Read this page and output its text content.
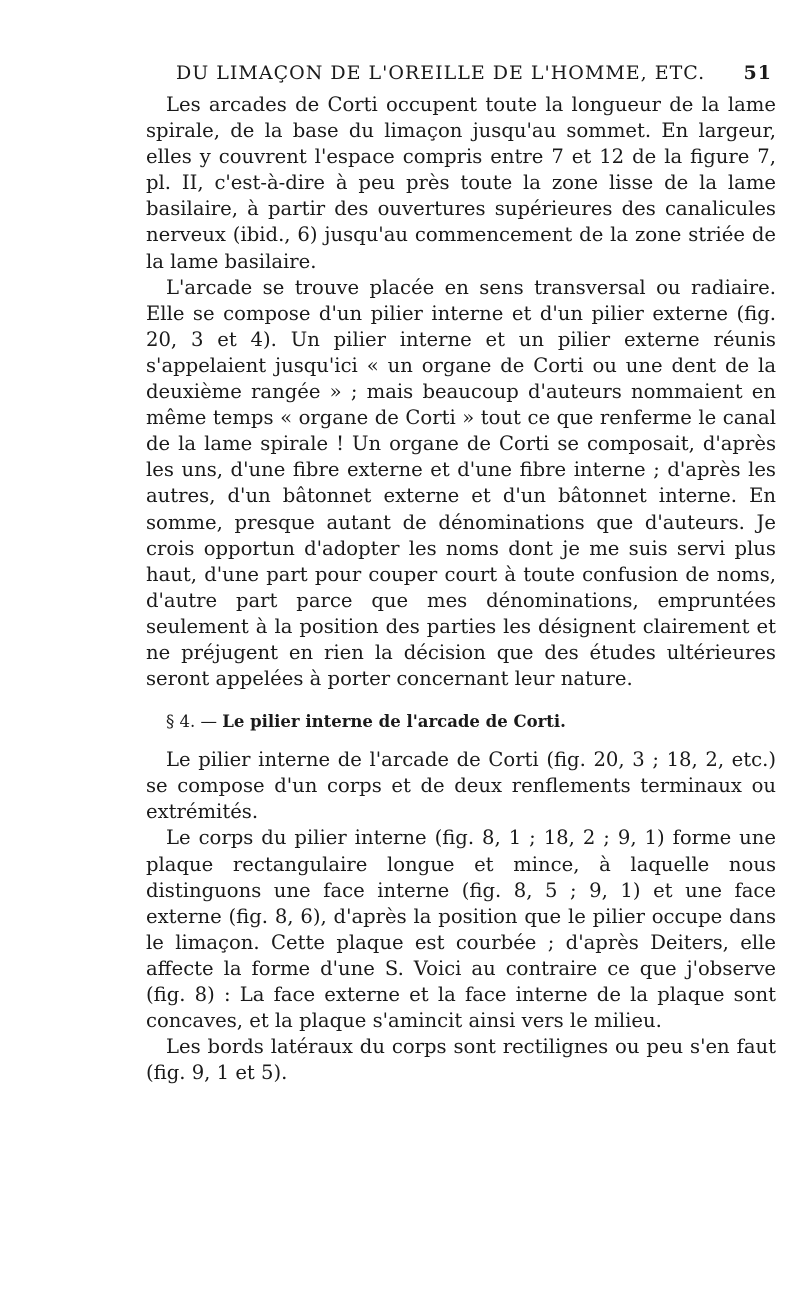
DU LIMAÇON DE L'OREILLE DE L'HOMME, ETC. 51

Les arcades de Corti occupent toute la longueur de la lame spirale, de la base du limaçon jusqu'au sommet. En largeur, elles y couvrent l'espace compris entre 7 et 12 de la figure 7, pl. II, c'est-à-dire à peu près toute la zone lisse de la lame basilaire, à partir des ouvertures supérieures des canalicules nerveux (ibid., 6) jusqu'au commencement de la zone striée de la lame basilaire.

L'arcade se trouve placée en sens transversal ou radiaire. Elle se compose d'un pilier interne et d'un pilier externe (fig. 20, 3 et 4). Un pilier interne et un pilier externe réunis s'appelaient jusqu'ici « un organe de Corti ou une dent de la deuxième rangée » ; mais beaucoup d'auteurs nommaient en même temps « organe de Corti » tout ce que renferme le canal de la lame spirale ! Un organe de Corti se composait, d'après les uns, d'une fibre externe et d'une fibre interne ; d'après les autres, d'un bâtonnet externe et d'un bâtonnet interne. En somme, presque autant de dénominations que d'auteurs. Je crois opportun d'adopter les noms dont je me suis servi plus haut, d'une part pour couper court à toute confusion de noms, d'autre part parce que mes dénominations, empruntées seulement à la position des parties les désignent clairement et ne préjugent en rien la décision que des études ultérieures seront appelées à porter concernant leur nature.

§ 4. — Le pilier interne de l'arcade de Corti.

Le pilier interne de l'arcade de Corti (fig. 20, 3 ; 18, 2, etc.) se compose d'un corps et de deux renflements terminaux ou extrémités.

Le corps du pilier interne (fig. 8, 1 ; 18, 2 ; 9, 1) forme une plaque rectangulaire longue et mince, à laquelle nous distinguons une face interne (fig. 8, 5 ; 9, 1) et une face externe (fig. 8, 6), d'après la position que le pilier occupe dans le limaçon. Cette plaque est courbée ; d'après Deiters, elle affecte la forme d'une S. Voici au contraire ce que j'observe (fig. 8) : La face externe et la face interne de la plaque sont concaves, et la plaque s'amincit ainsi vers le milieu.

Les bords latéraux du corps sont rectilignes ou peu s'en faut (fig. 9, 1 et 5).
